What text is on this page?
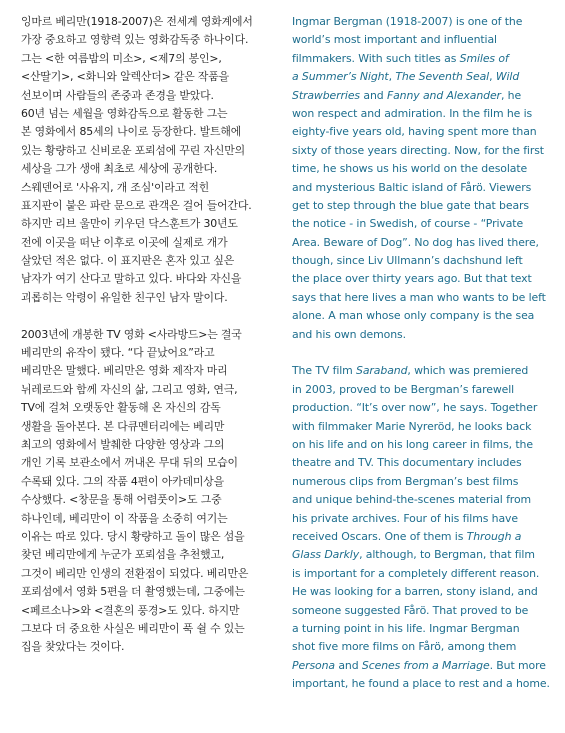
잉마르 베리만(1918-2007)은 전세계 영화계에서
가장 중요하고 영향력 있는 영화감독중 하나이다.
그는 <한 여름밤의 미소>, <제7의 봉인>,
<산딸기>, <화니와 알렉산더> 같은 작품을
선보이며 사람들의 존중과 존경을 받았다.
60년 넘는 세월을 영화감독으로 활동한 그는
본 영화에서 85세의 나이로 등장한다. 발트해에
있는 황량하고 신비로운 포뢰섬에 꾸린 자신만의
세상을 그가 생애 최초로 세상에 공개한다.
스웨덴어로 '사유지, 개 조심'이라고 적힌
표지판이 붙은 파란 문으로 관객은 걸어 들어간다.
하지만 리브 울만이 키우던 닥스훈트가 30년도
전에 이곳을 떠난 이후로 이곳에 실제로 개가
살았던 적은 없다. 이 표지판은 혼자 있고 싶은
남자가 여기 산다고 말하고 있다. 바다와 자신을
괴롭히는 악령이 유일한 친구인 남자 말이다.
2003년에 개봉한 TV 영화 <사라방드>는 결국
베리만의 유작이 됐다. “다 끝났어요”라고
베리만은 말했다. 베리만은 영화 제작자 마리
뉘레로드와 함께 자신의 삶, 그리고 영화, 연극,
TV에 걸쳐 오랫동안 활동해 온 자신의 감독
생활을 돌아본다. 본 다큐멘터리에는 베리만
최고의 영화에서 발췌한 다양한 영상과 그의
개인 기록 보관소에서 꺼내온 무대 뒤의 모습이
수록돼 있다. 그의 작품 4편이 아카데미상을
수상했다. <창문을 통해 어렴풋이>도 그중
하나인데, 베리만이 이 작품을 소중히 여기는
이유는 따로 있다. 당시 황량하고 돌이 많은 섬을
찾던 베리만에게 누군가 포뢰섬을 추천했고,
그것이 베리만 인생의 전환점이 되었다. 베리만은
포뢰섬에서 영화 5편을 더 촬영했는데, 그중에는
<페르소나>와 <결혼의 풍경>도 있다. 하지만
그보다 더 중요한 사실은 베리만이 푹 쉴 수 있는
집을 찾았다는 것이다.
Ingmar Bergman (1918-2007) is one of the
world’s most important and influential
filmmakers. With such titles as Smiles of
a Summer’s Night, The Seventh Seal, Wild
Strawberries and Fanny and Alexander, he
won respect and admiration. In the film he is
eighty-five years old, having spent more than
sixty of those years directing. Now, for the first
time, he shows us his world on the desolate
and mysterious Baltic island of Fårö. Viewers
get to step through the blue gate that bears
the notice - in Swedish, of course - “Private
Area. Beware of Dog”. No dog has lived there,
though, since Liv Ullmann’s dachshund left
the place over thirty years ago. But that text
says that here lives a man who wants to be left
alone. A man whose only company is the sea
and his own demons.
The TV film Saraband, which was premiered
in 2003, proved to be Bergman’s farewell
production. “It’s over now”, he says. Together
with filmmaker Marie Nyreröd, he looks back
on his life and on his long career in films, the
theatre and TV. This documentary includes
numerous clips from Bergman’s best films
and unique behind-the-scenes material from
his private archives. Four of his films have
received Oscars. One of them is Through a
Glass Darkly, although, to Bergman, that film
is important for a completely different reason.
He was looking for a barren, stony island, and
someone suggested Fårö. That proved to be
a turning point in his life. Ingmar Bergman
shot five more films on Fårö, among them
Persona and Scenes from a Marriage. But more
important, he found a place to rest and a home.
